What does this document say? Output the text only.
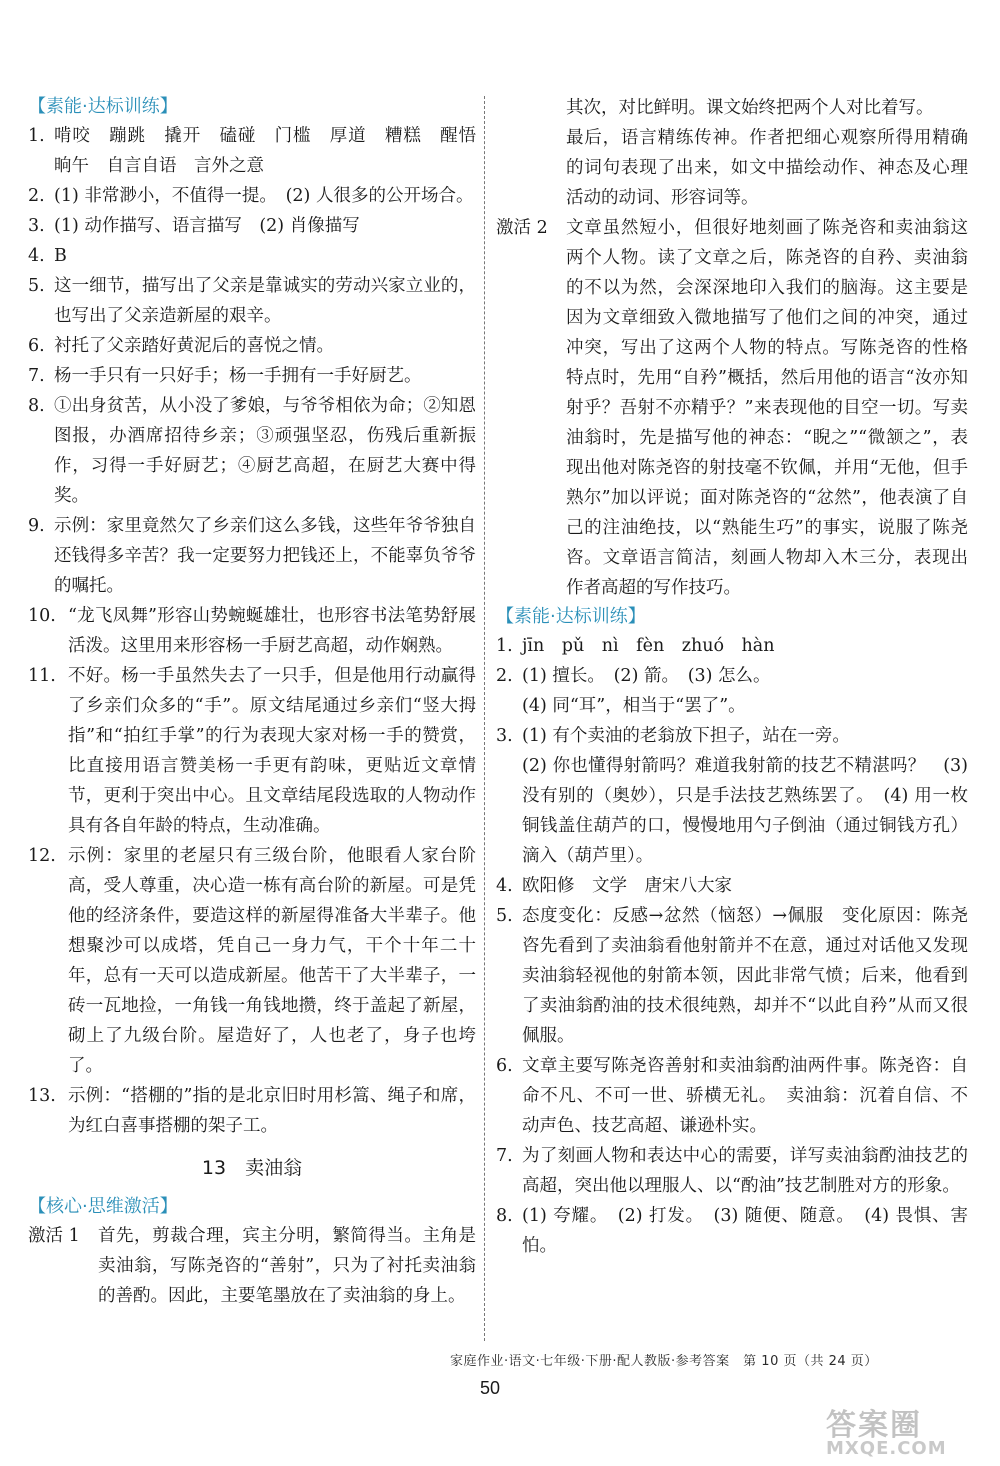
【素能·达标训练】
1. 啃咬　蹦跳　撬开　磕碰　门槛　厚道　糟糕　醒悟　晌午　自言自语　言外之意
2. (1) 非常渺小，不值得一提。　(2) 人很多的公开场合。
3. (1) 动作描写、语言描写　(2) 肖像描写
4. B
5. 这一细节，描写出了父亲是靠诚实的劳动兴家立业的，也写出了父亲造新屋的艰辛。
6. 衬托了父亲踏好黄泥后的喜悦之情。
7. 杨一手只有一只好手；杨一手拥有一手好厨艺。
8. ①出身贫苦，从小没了爹娘，与爷爷相依为命；②知恩图报，办酒席招待乡亲；③顽强坚忍，伤残后重新振作，习得一手好厨艺；④厨艺高超，在厨艺大赛中得奖。
9. 示例：家里竟然欠了乡亲们这么多钱，这些年爷爷独自还钱得多辛苦？我一定要努力把钱还上，不能辜负爷爷的嘱托。
10. “龙飞凤舞”形容山势蜿蜒雄壮，也形容书法笔势舒展活泼。这里用来形容杨一手厨艺高超，动作娴熟。
11. 不好。杨一手虽然失去了一只手，但是他用行动赢得了乡亲们众多的“手”。原文结尾通过乡亲们“竖大拇指”和“拍红手掌”的行为表现大家对杨一手的赞赏，比直接用语言赞美杨一手更有韵味，更贴近文章情节，更利于突出中心。且文章结尾段选取的人物动作具有各自年龄的特点，生动准确。
12. 示例：家里的老屋只有三级台阶，他眼看人家台阶高，受人尊重，决心造一栋有高台阶的新屋。可是凭他的经济条件，要造这样的新屋得准备大半辈子。他想聚沙可以成塔，凭自己一身力气，干个十年二十年，总有一天可以造成新屋。他苦干了大半辈子，一砖一瓦地捡，一角钱一角钱地攒，终于盖起了新屋，砌上了九级台阶。屋造好了，人也老了，身子也垮了。
13. 示例：“搭棚的”指的是北京旧时用杉篙、绳子和席，为红白喜事搭棚的架子工。
13　卖油翁
【核心·思维激活】
激活 1	首先，剪裁合理，宾主分明，繁简得当。主角是卖油翁，写陈尧咨的“善射”，只为了衬托卖油翁的善酌。因此，主要笔墨放在了卖油翁的身上。
其次，对比鲜明。课文始终把两个人对比着写。
最后，语言精练传神。作者把细心观察所得用精确的词句表现了出来，如文中描绘动作、神态及心理活动的动词、形容词等。
激活 2	文章虽然短小，但很好地刻画了陈尧咨和卖油翁这两个人物。读了文章之后，陈尧咨的自矜、卖油翁的不以为然，会深深地印入我们的脑海。这主要是因为文章细致入微地描写了他们之间的冲突，通过冲突，写出了这两个人物的特点。写陈尧咨的性格特点时，先用“自矜”概括，然后用他的语言“汝亦知射乎？吾射不亦精乎？”来表现他的目空一切。写卖油翁时，先是描写他的神态：“睨之”“微颔之”，表现出他对陈尧咨的射技毫不钦佩，并用“无他，但手熟尔”加以评说；面对陈尧咨的“忿然”，他表演了自己的注油绝技，以“熟能生巧”的事实，说服了陈尧咨。文章语言简洁，刻画人物却入木三分，表现出作者高超的写作技巧。
【素能·达标训练】
1. jīn　pǔ　nì　fèn　zhuó　hàn
2. (1) 擅长。　(2) 箭。　(3) 怎么。
(4) 同“耳”，相当于“罢了”。
3. (1) 有个卖油的老翁放下担子，站在一旁。
(2) 你也懂得射箭吗？难道我射箭的技艺不精湛吗？　(3) 没有别的（奥妙），只是手法技艺熟练罢了。　(4) 用一枚铜钱盖住葫芦的口，慢慢地用勺子倒油（通过铜钱方孔）滴入（葫芦里）。
4. 欧阳修　文学　唐宋八大家
5. 态度变化：反感→忿然（恼怒）→佩服　变化原因：陈尧咨先看到了卖油翁看他射箭并不在意，通过对话他又发现卖油翁轻视他的射箭本领，因此非常气愤；后来，他看到了卖油翁酌油的技术很纯熟，却并不“以此自矜”从而又很佩服。
6. 文章主要写陈尧咨善射和卖油翁酌油两件事。陈尧咨：自命不凡、不可一世、骄横无礼。　卖油翁：沉着自信、不动声色、技艺高超、谦逊朴实。
7. 为了刻画人物和表达中心的需要，详写卖油翁酌油技艺的高超，突出他以理服人、以“酌油”技艺制胜对方的形象。
8. (1) 夸耀。　(2) 打发。　(3) 随便、随意。　(4) 畏惧、害怕。
家庭作业·语文·七年级·下册·配人教版·参考答案　第 10 页（共 24 页）
50
答案圈
MXQE.COM
